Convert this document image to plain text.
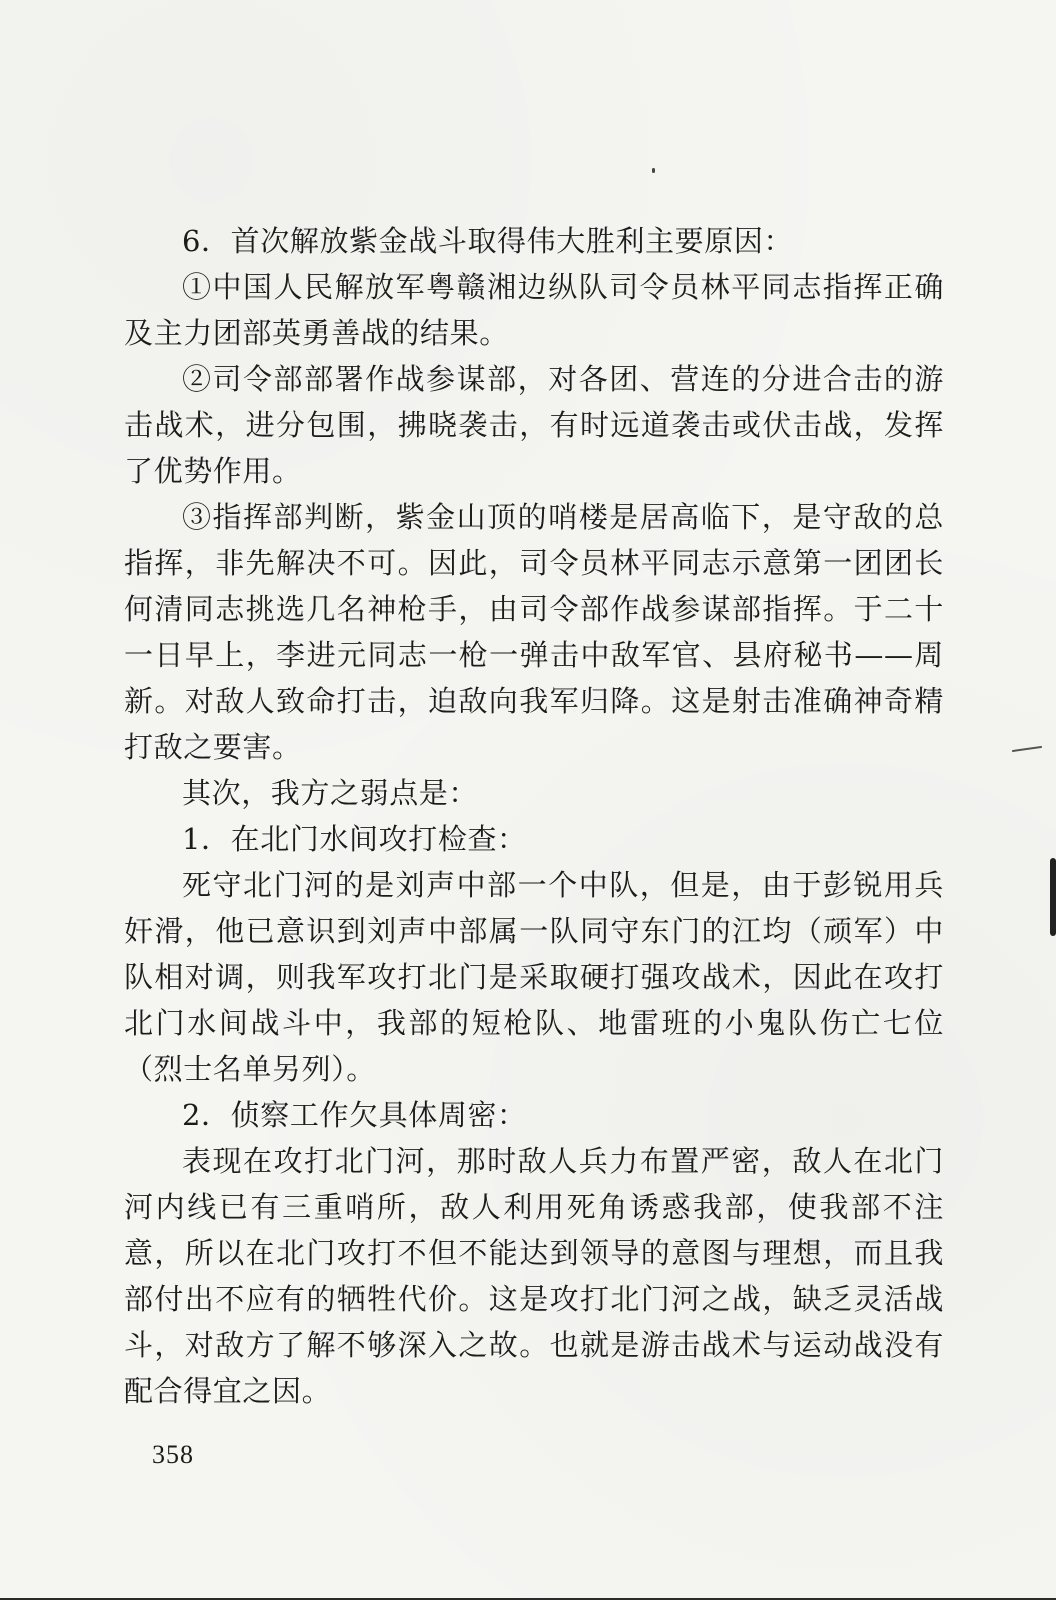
6．首次解放紫金战斗取得伟大胜利主要原因：

①中国人民解放军粤赣湘边纵队司令员林平同志指挥正确及主力团部英勇善战的结果。

②司令部部署作战参谋部，对各团、营连的分进合击的游击战术，进分包围，拂晓袭击，有时远道袭击或伏击战，发挥了优势作用。

③指挥部判断，紫金山顶的哨楼是居高临下，是守敌的总指挥，非先解决不可。因此，司令员林平同志示意第一团团长何清同志挑选几名神枪手，由司令部作战参谋部指挥。于二十一日早上，李进元同志一枪一弹击中敌军官、县府秘书——周新。对敌人致命打击，迫敌向我军归降。这是射击准确神奇精打敌之要害。

其次，我方之弱点是：

1．在北门水间攻打检查：

死守北门河的是刘声中部一个中队，但是，由于彭锐用兵奸滑，他已意识到刘声中部属一队同守东门的江均（顽军）中队相对调，则我军攻打北门是采取硬打强攻战术，因此在攻打北门水间战斗中，我部的短枪队、地雷班的小鬼队伤亡七位（烈士名单另列）。

2．侦察工作欠具体周密：

表现在攻打北门河，那时敌人兵力布置严密，敌人在北门河内线已有三重哨所，敌人利用死角诱惑我部，使我部不注意，所以在北门攻打不但不能达到领导的意图与理想，而且我部付出不应有的牺牲代价。这是攻打北门河之战，缺乏灵活战斗，对敌方了解不够深入之故。也就是游击战术与运动战没有配合得宜之因。

358
